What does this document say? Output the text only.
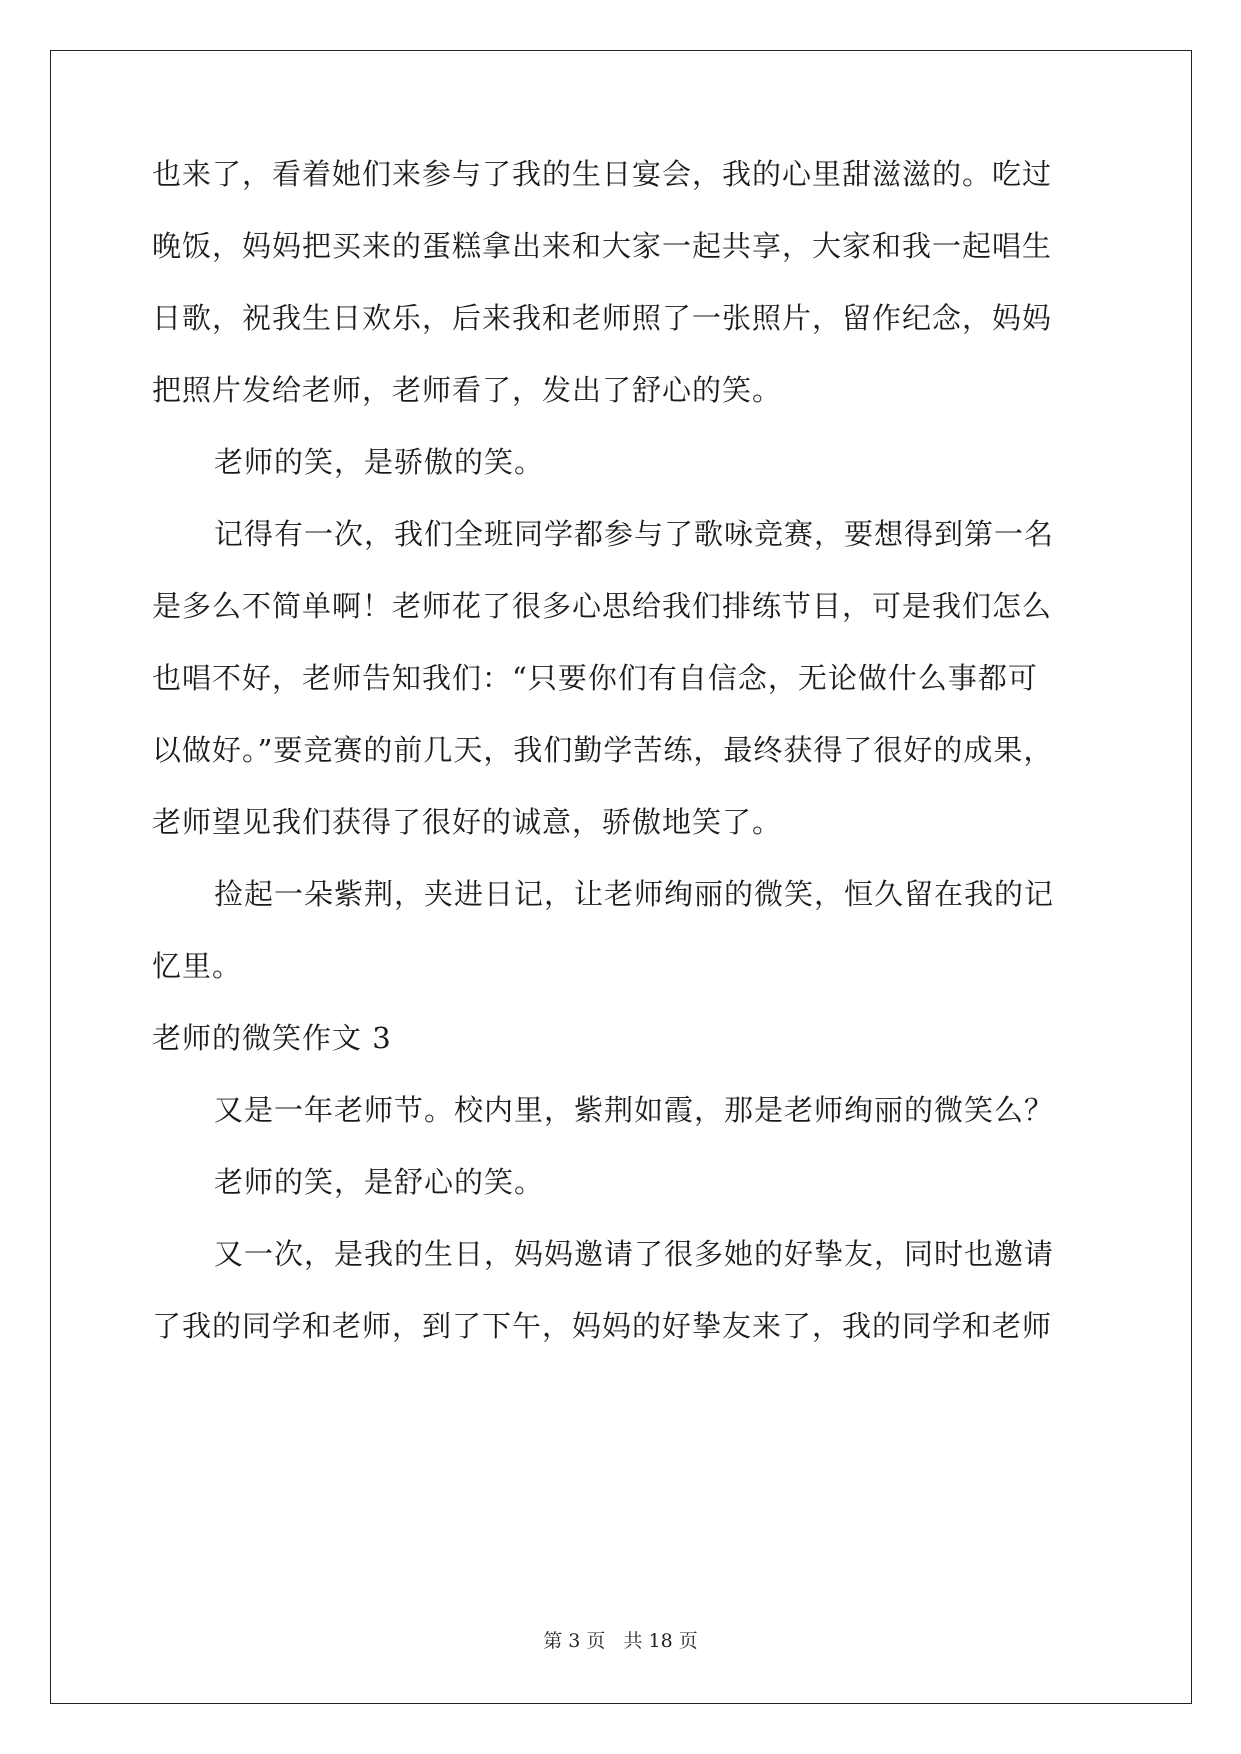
也来了，看着她们来参与了我的生日宴会，我的心里甜滋滋的。吃过
晚饭，妈妈把买来的蛋糕拿出来和大家一起共享，大家和我一起唱生
日歌，祝我生日欢乐，后来我和老师照了一张照片，留作纪念，妈妈
把照片发给老师，老师看了，发出了舒心的笑。
老师的笑，是骄傲的笑。
记得有一次，我们全班同学都参与了歌咏竞赛，要想得到第一名
是多么不简单啊！老师花了很多心思给我们排练节目，可是我们怎么
也唱不好，老师告知我们：“只要你们有自信念，无论做什么事都可
以做好。”要竞赛的前几天，我们勤学苦练，最终获得了很好的成果，
老师望见我们获得了很好的诚意，骄傲地笑了。
捡起一朵紫荆，夹进日记，让老师绚丽的微笑，恒久留在我的记
忆里。
老师的微笑作文 3
又是一年老师节。校内里，紫荆如霞，那是老师绚丽的微笑么？
老师的笑，是舒心的笑。
又一次，是我的生日，妈妈邀请了很多她的好挚友，同时也邀请
了我的同学和老师，到了下午，妈妈的好挚友来了，我的同学和老师
第 3 页 共 18 页
